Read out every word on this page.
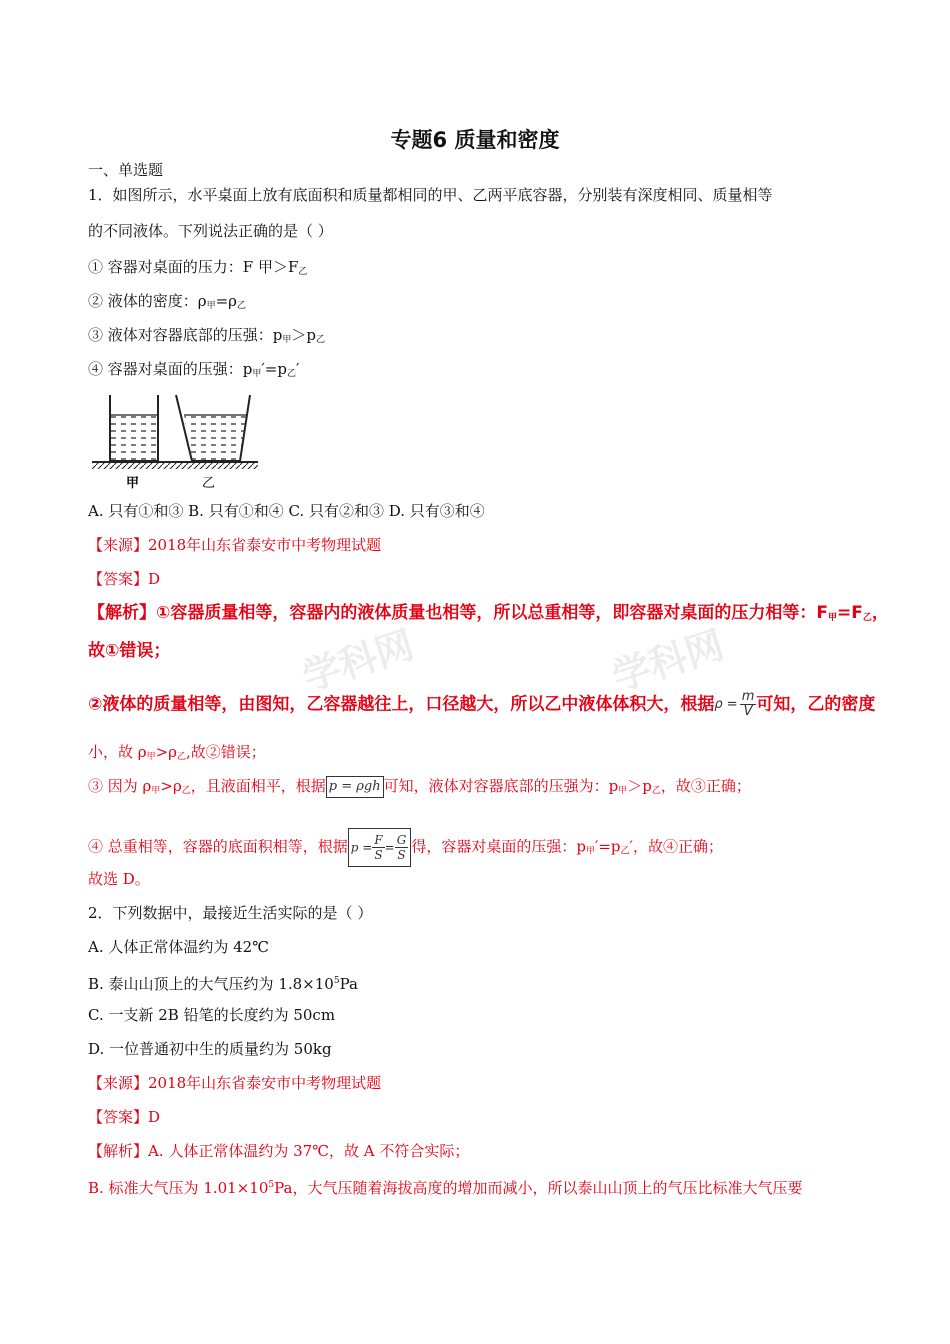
学科网	学科网
专题6 质量和密度
一、单选题
1．如图所示，水平桌面上放有底面积和质量都相同的甲、乙两平底容器，分别装有深度相同、质量相等
的不同液体。下列说法正确的是（ ）
① 容器对桌面的压力：F 甲$>F_乙$
② 液体的密度：$\rho_甲=\rho_乙$
③ 液体对容器底部的压强：$p_甲>p_乙$
④ 容器对桌面的压强：$p_甲'=p_乙'$
甲	乙
A. 只有①和③ B. 只有①和④ C. 只有②和③ D. 只有③和④
【来源】2018年山东省泰安市中考物理试题
【答案】D
【解析】①容器质量相等，容器内的液体质量也相等，所以总重相等，即容器对桌面的压力相等：$F_甲=F_乙$，
故①错误；
②液体的质量相等，由图知，乙容器越往上，口径越大，所以乙中液体体积大，根据$\rho = \frac{m}{V}$ 可知，乙的密度
小，故 $\rho_甲>\rho_乙$,故②错误；
③ 因为 $\rho_甲>\rho_乙$，且液面相平，根据 p = ρgh 可知，液体对容器底部的压强为：$p_甲>p_乙$，故③正确；
④ 总重相等，容器的底面积相等，根据 $p = \frac{F}{S} = \frac{G}{S}$ 得，容器对桌面的压强：$p_甲'=p_乙'$，故④正确；
故选 D。
2．下列数据中，最接近生活实际的是（ ）
A. 人体正常体温约为 42℃
B. 泰山山顶上的大气压约为 $1.8\times 10^5Pa$
C. 一支新 2B 铅笔的长度约为 50cm
D. 一位普通初中生的质量约为 50kg
【来源】2018年山东省泰安市中考物理试题
【答案】D
【解析】A. 人体正常体温约为 37℃，故 A 不符合实际；
B. 标准大气压为 $1.01\times 10^5Pa$，大气压随着海拔高度的增加而减小，所以泰山山顶上的气压比标准大气压要
